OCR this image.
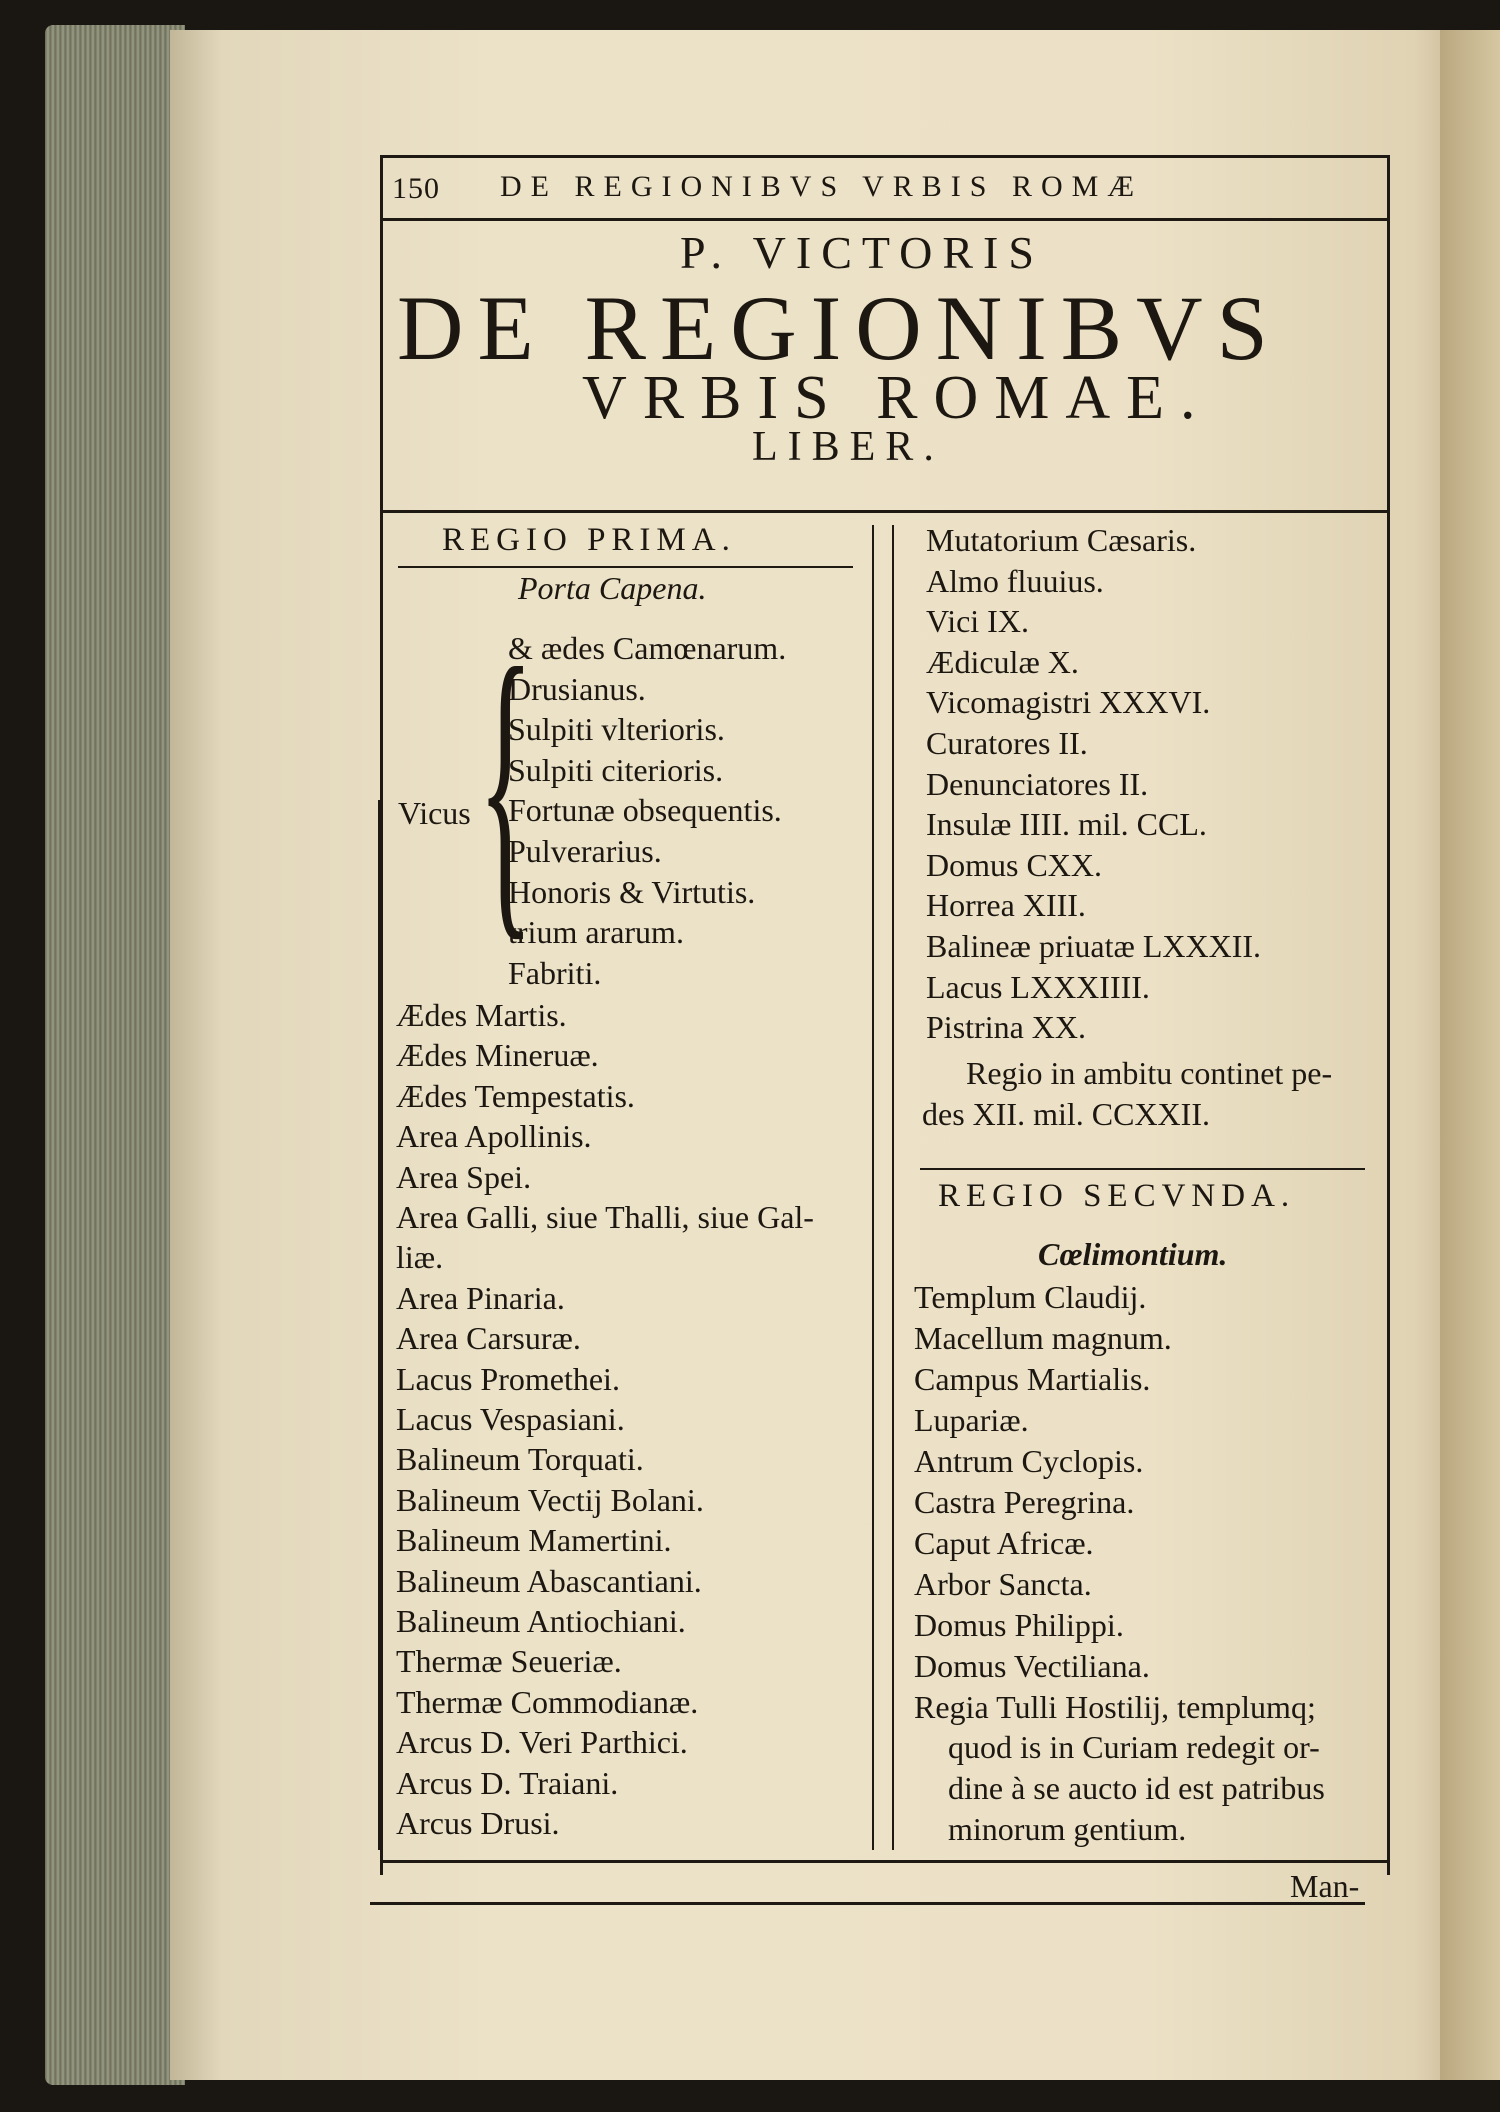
150 DE REGIONIBVS VRBIS ROMÆ
P. VICTORIS
DE REGIONIBVS
VRBIS ROMAE.
LIBER.
REGIO PRIMA.
Porta Capena.
Vicus {
& ædes Camœnarum.
Drusianus.
Sulpiti vlterioris.
Sulpiti citerioris.
Fortunæ obsequentis.
Pulverarius.
Honoris & Virtutis.
trium ararum.
Fabriti.
Ædes Martis.
Ædes Mineruæ.
Ædes Tempestatis.
Area Apollinis.
Area Spei.
Area Galli, siue Thalli, siue Gal-
liæ.
Area Pinaria.
Area Carsuræ.
Lacus Promethei.
Lacus Vespasiani.
Balineum Torquati.
Balineum Vectij Bolani.
Balineum Mamertini.
Balineum Abascantiani.
Balineum Antiochiani.
Thermæ Seueriæ.
Thermæ Commodianæ.
Arcus D. Veri Parthici.
Arcus D. Traiani.
Arcus Drusi.
Mutatorium Cæsaris.
Almo fluuius.
Vici IX.
Ædiculæ X.
Vicomagistri XXXVI.
Curatores II.
Denunciatores II.
Insulæ IIII. mil. CCL.
Domus CXX.
Horrea XIII.
Balineæ priuatæ LXXXII.
Lacus LXXXIIII.
Pistrina XX.
Regio in ambitu continet pe-
des XII. mil. CCXXII.
REGIO SECVNDA.
Cœlimontium.
Templum Claudij.
Macellum magnum.
Campus Martialis.
Lupariæ.
Antrum Cyclopis.
Castra Peregrina.
Caput Africæ.
Arbor Sancta.
Domus Philippi.
Domus Vectiliana.
Regia Tulli Hostilij, templumq;
quod is in Curiam redegit or-
dine à se aucto id est patribus
minorum gentium.
Man-
